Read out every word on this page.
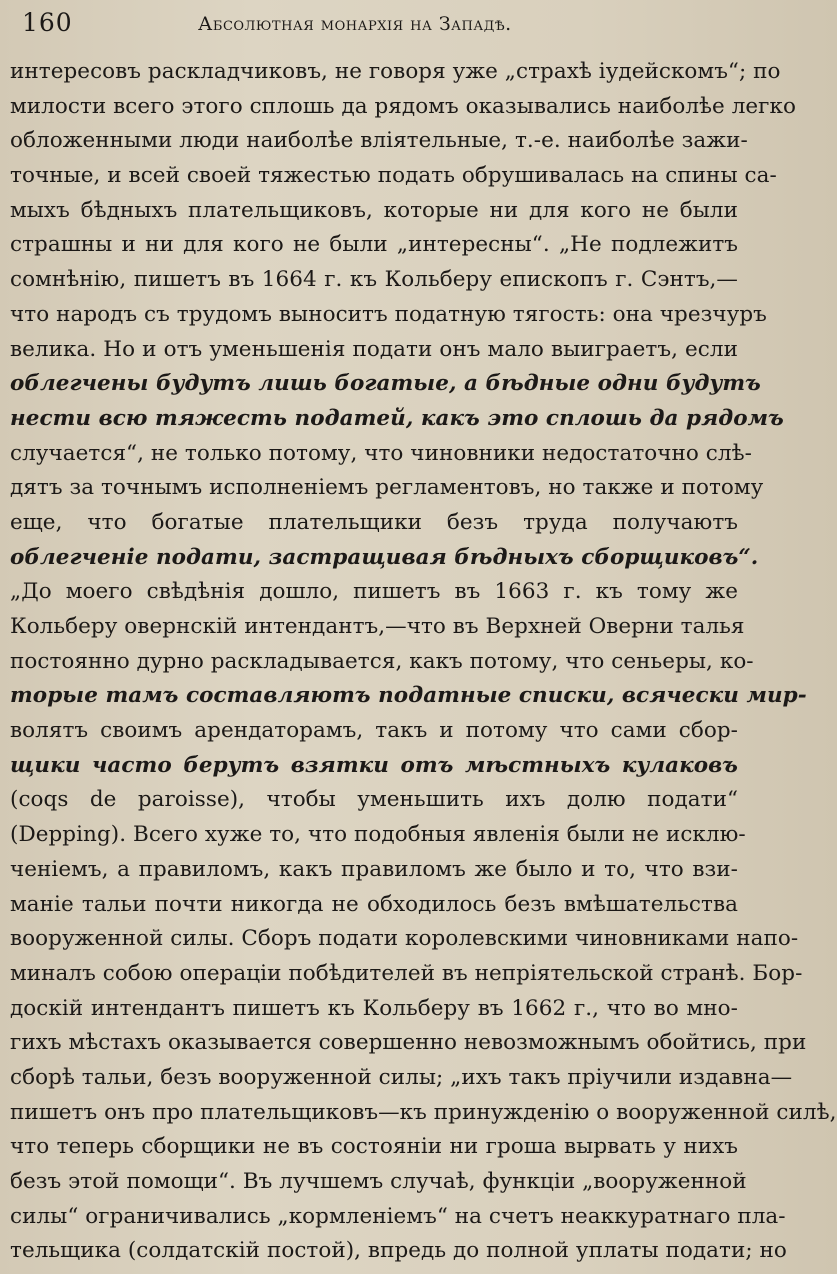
160	Абсолютная монархія на Западѣ.
интересовъ раскладчиковъ, не говоря уже „страхѣ іудейскомъ“; по
милости всего этого сплошь да рядомъ оказывались наиболѣе легко
обложенными люди наиболѣе вліятельные, т.-е. наиболѣе зажи-
точные, и всей своей тяжестью подать обрушивалась на спины са-
мыхъ бѣдныхъ плательщиковъ, которые ни для кого не были
страшны и ни для кого не были „интересны“. „Не подлежитъ
сомнѣнію, пишетъ въ 1664 г. къ Кольберу епископъ г. Сэнтъ,—
что народъ съ трудомъ выноситъ податную тягость: она чрезчуръ
велика. Но и отъ уменьшенія подати онъ мало выиграетъ, если
облегчены будутъ лишь богатые, а бѣдные одни будутъ
нести всю тяжесть податей, какъ это сплошь да рядомъ
случается“, не только потому, что чиновники недостаточно слѣ-
дятъ за точнымъ исполненіемъ регламентовъ, но также и потому
еще, что богатые плательщики безъ труда получаютъ
облегченіе подати, застращивая бѣдныхъ сборщиковъ“.
„До моего свѣдѣнія дошло, пишетъ въ 1663 г. къ тому же
Кольберу овернскій интендантъ,—что въ Верхней Оверни талья
постоянно дурно раскладывается, какъ потому, что сеньеры, ко-
торые тамъ составляютъ податные списки, всячески мир-
волятъ своимъ арендаторамъ, такъ и потому что сами сбор-
щики часто берутъ взятки отъ мѣстныхъ кулаковъ
(coqs de paroisse), чтобы уменьшить ихъ долю подати“
(Depping). Всего хуже то, что подобныя явленія были не исклю-
ченіемъ, а правиломъ, какъ правиломъ же было и то, что взи-
маніе тальи почти никогда не обходилось безъ вмѣшательства
вооруженной силы. Сборъ подати королевскими чиновниками напо-
миналъ собою операціи побѣдителей въ непріятельской странѣ. Бор-
доскій интендантъ пишетъ къ Кольберу въ 1662 г., что во мно-
гихъ мѣстахъ оказывается совершенно невозможнымъ обойтись, при
сборѣ тальи, безъ вооруженной силы; „ихъ такъ пріучили издавна—
пишетъ онъ про плательщиковъ—къ принужденію о вооруженной силѣ,
что теперь сборщики не въ состояніи ни гроша вырвать у нихъ
безъ этой помощи“. Въ лучшемъ случаѣ, функціи „вооруженной
силы“ ограничивались „кормленіемъ“ на счетъ неаккуратнаго пла-
тельщика (солдатскій постой), впредь до полной уплаты подати; но
